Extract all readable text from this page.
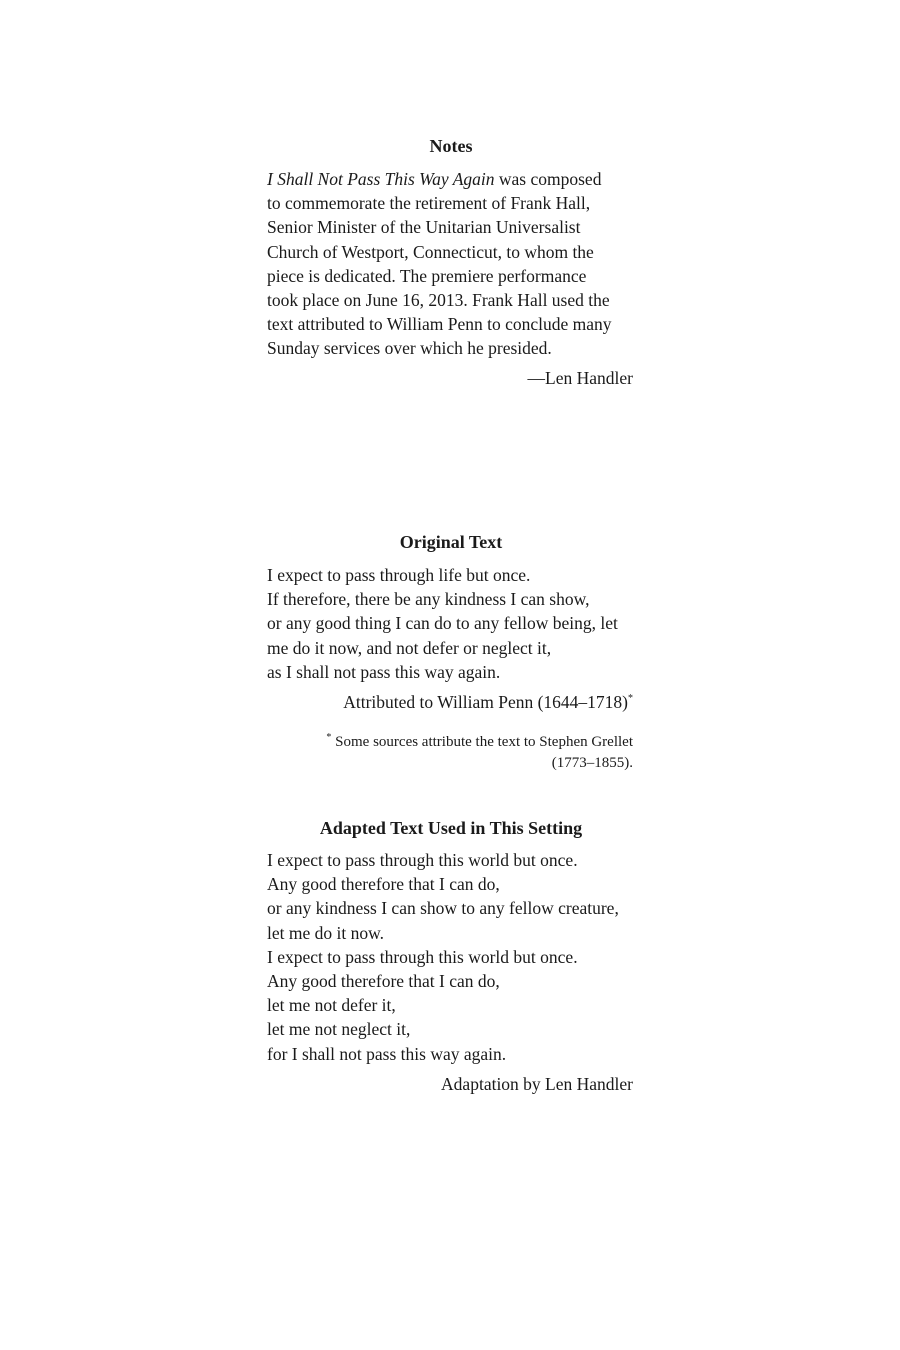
Notes
I Shall Not Pass This Way Again was composed
to commemorate the retirement of Frank Hall,
Senior Minister of the Unitarian Universalist
Church of Westport, Connecticut, to whom the
piece is dedicated. The premiere performance
took place on June 16, 2013. Frank Hall used the
text attributed to William Penn to conclude many
Sunday services over which he presided.
—Len Handler
Original Text
I expect to pass through life but once.
If therefore, there be any kindness I can show,
or any good thing I can do to any fellow being, let
me do it now, and not defer or neglect it,
as I shall not pass this way again.
Attributed to William Penn (1644–1718)*
* Some sources attribute the text to Stephen Grellet
(1773–1855).
Adapted Text Used in This Setting
I expect to pass through this world but once.
Any good therefore that I can do,
or any kindness I can show to any fellow creature,
let me do it now.
I expect to pass through this world but once.
Any good therefore that I can do,
let me not defer it,
let me not neglect it,
for I shall not pass this way again.
Adaptation by Len Handler
